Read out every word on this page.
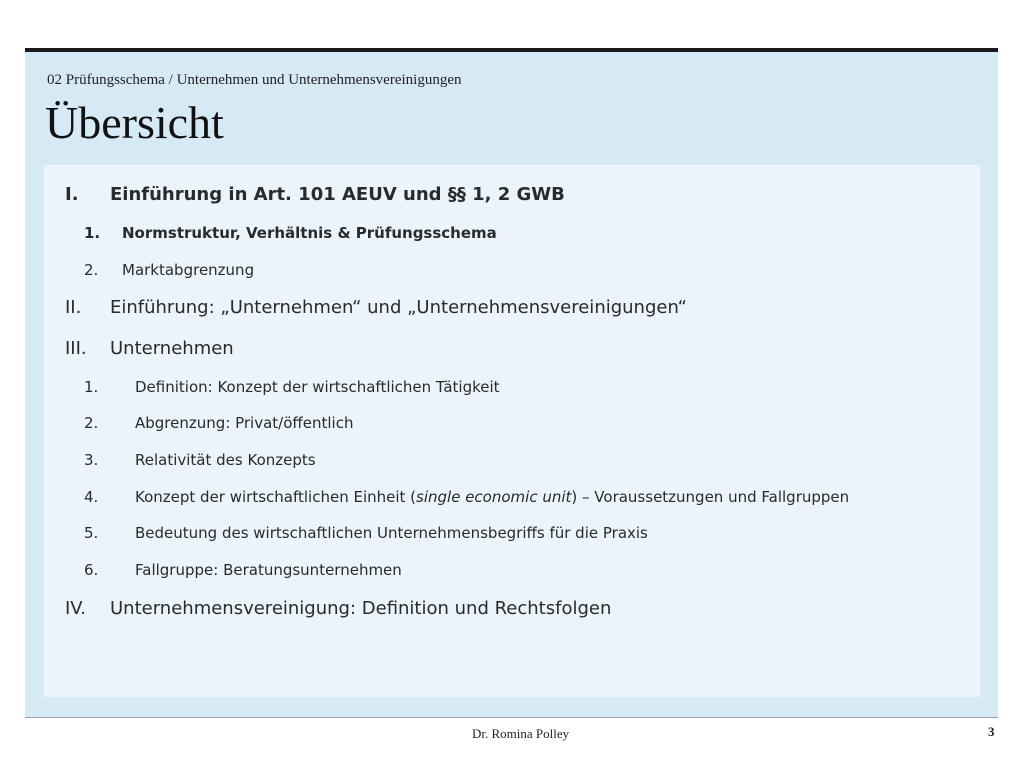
02 Prüfungsschema / Unternehmen und Unternehmensvereinigungen
Übersicht
I. Einführung in Art. 101 AEUV und §§ 1, 2 GWB
1. Normstruktur, Verhältnis & Prüfungsschema
2. Marktabgrenzung
II. Einführung: „Unternehmen“ und „Unternehmensvereinigungen“
III. Unternehmen
1. Definition: Konzept der wirtschaftlichen Tätigkeit
2. Abgrenzung: Privat/öffentlich
3. Relativität des Konzepts
4. Konzept der wirtschaftlichen Einheit (single economic unit) – Voraussetzungen und Fallgruppen
5. Bedeutung des wirtschaftlichen Unternehmensbegriffs für die Praxis
6. Fallgruppe: Beratungsunternehmen
IV. Unternehmensvereinigung: Definition und Rechtsfolgen
Dr. Romina Polley	3
